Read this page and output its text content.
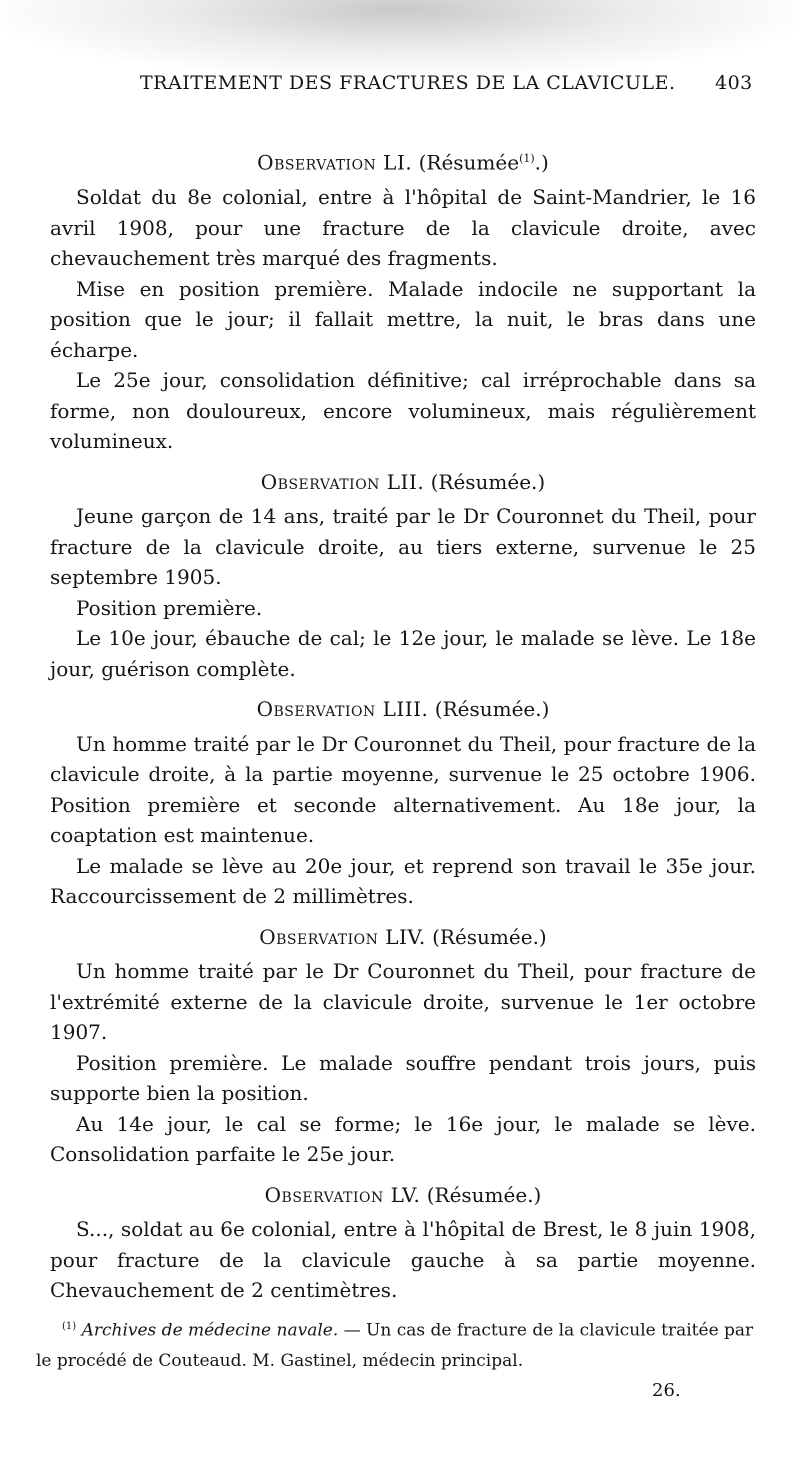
TRAITEMENT DES FRACTURES DE LA CLAVICULE. 403
Observation LI. (Résumée$^{(1)}$.)

Soldat du 8e colonial, entre à l'hôpital de Saint-Mandrier, le 16 avril 1908, pour une fracture de la clavicule droite, avec chevauchement très marqué des fragments.

Mise en position première. Malade indocile ne supportant la position que le jour; il fallait mettre, la nuit, le bras dans une écharpe.

Le 25e jour, consolidation définitive; cal irréprochable dans sa forme, non douloureux, encore volumineux, mais régulièrement volumineux.

Observation LII. (Résumée.)

Jeune garçon de 14 ans, traité par le Dr Couronnet du Theil, pour fracture de la clavicule droite, au tiers externe, survenue le 25 septembre 1905.

Position première.

Le 10e jour, ébauche de cal; le 12e jour, le malade se lève. Le 18e jour, guérison complète.

Observation LIII. (Résumée.)

Un homme traité par le Dr Couronnet du Theil, pour fracture de la clavicule droite, à la partie moyenne, survenue le 25 octobre 1906. Position première et seconde alternativement. Au 18e jour, la coaptation est maintenue.

Le malade se lève au 20e jour, et reprend son travail le 35e jour. Raccourcissement de 2 millimètres.

Observation LIV. (Résumée.)

Un homme traité par le Dr Couronnet du Theil, pour fracture de l'extrémité externe de la clavicule droite, survenue le 1er octobre 1907.

Position première. Le malade souffre pendant trois jours, puis supporte bien la position.

Au 14e jour, le cal se forme; le 16e jour, le malade se lève. Consolidation parfaite le 25e jour.

Observation LV. (Résumée.)

S..., soldat au 6e colonial, entre à l'hôpital de Brest, le 8 juin 1908, pour fracture de la clavicule gauche à sa partie moyenne. Chevauchement de 2 centimètres.

$^{(1)}$ Archives de médecine navale. — Un cas de fracture de la clavicule traitée par le procédé de Couteaud. M. Gastinel, médecin principal.

26.
